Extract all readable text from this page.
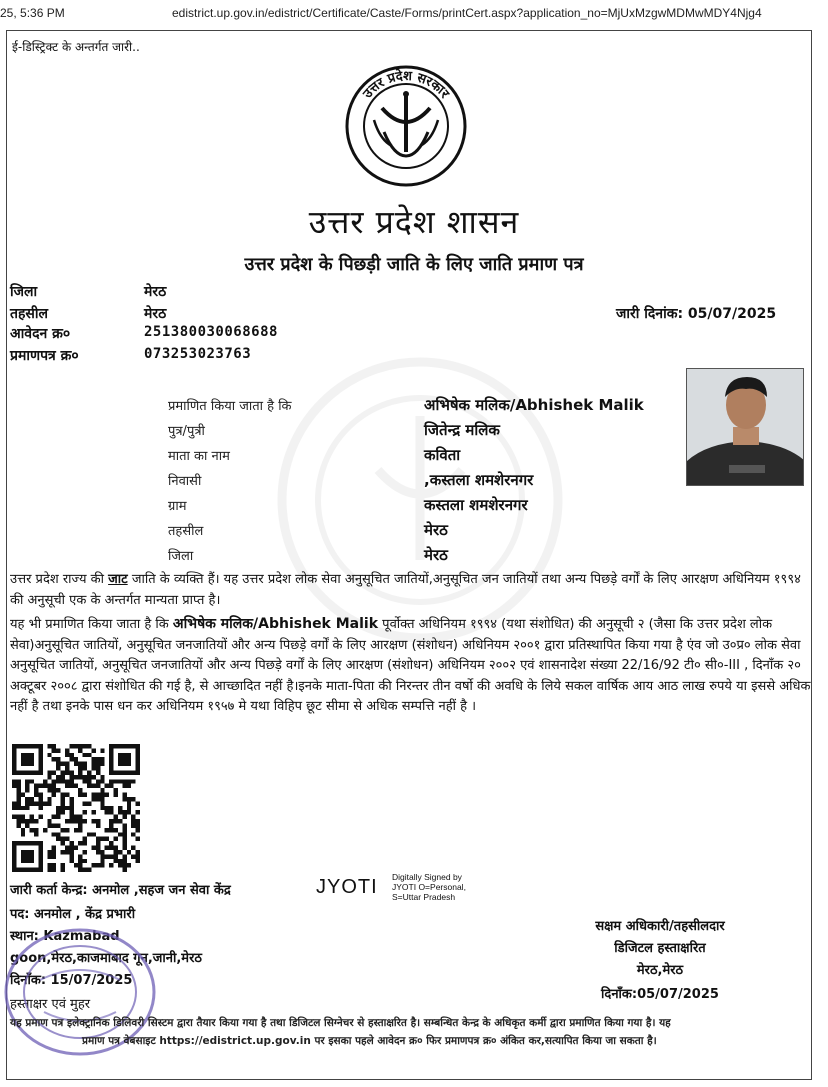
25, 5:36 PM	edistrict.up.gov.in/edistrict/Certificate/Caste/Forms/printCert.aspx?application_no=MjUxMzgwMDMwMDY4Njg4
ई-डिस्ट्रिक्ट के अन्तर्गत जारी..
उत्तर प्रदेश सरकार
उत्तर प्रदेश शासन
उत्तर प्रदेश के पिछड़ी जाति के लिए जाति प्रमाण पत्र
जिला	मेरठ
तहसील	मेरठ
आवेदन क्र०	251380030068688
प्रमाणपत्र क्र०	073253023763
जारी दिनांक: 05/07/2025
प्रमाणित किया जाता है कि	अभिषेक मलिक/Abhishek Malik
पुत्र/पुत्री	जितेन्द्र मलिक
माता का नाम	कविता
निवासी	,कस्तला शमशेरनगर
ग्राम	कस्तला शमशेरनगर
तहसील	मेरठ
जिला	मेरठ
उत्तर प्रदेश राज्य की जाट जाति के व्यक्ति हैं। यह उत्तर प्रदेश लोक सेवा अनुसूचित जातियों,अनुसूचित जन जातियों तथा अन्य पिछड़े वर्गों के लिए आरक्षण अधिनियम १९९४ की अनुसूची एक के अन्तर्गत मान्यता प्राप्त है।
यह भी प्रमाणित किया जाता है कि अभिषेक मलिक/Abhishek Malik पूर्वोक्त अधिनियम १९९४ (यथा संशोधित) की अनुसूची २ (जैसा कि उत्तर प्रदेश लोक सेवा)अनुसूचित जातियों, अनुसूचित जनजातियों और अन्य पिछड़े वर्गों के लिए आरक्षण (संशोधन) अधिनियम २००१ द्वारा प्रतिस्थापित किया गया है एंव जो उ०प्र० लोक सेवा अनुसूचित जातियों, अनुसूचित जनजातियों और अन्य पिछड़े वर्गों के लिए आरक्षण (संशोधन) अधिनियम २००२ एवं शासनादेश संख्या 22/16/92 टी० सी०-III , दिनाँक २० अक्टूबर २००८ द्वारा संशोधित की गई है, से आच्छादित नहीं है।इनके माता-पिता की निरन्तर तीन वर्षो की अवधि के लिये सकल वार्षिक आय आठ लाख रुपये या इससे अधिक नहीं है तथा इनके पास धन कर अधिनियम १९५७ मे यथा विहिप छूट सीमा से अधिक सम्पत्ति नहीं है ।
जारी कर्ता केन्द्र: अनमोल ,सहज जन सेवा केंद्र
पद: अनमोल , केंद्र प्रभारी
स्थान: Kazmabad
goon,मेरठ,काजमाबाद गून,जानी,मेरठ
दिनाँक: 15/07/2025
हस्ताक्षर एवं मुहर
JYOTI Digitally Signed by
JYOTI O=Personal,
S=Uttar Pradesh
सक्षम अधिकारी/तहसीलदार
डिजिटल हस्ताक्षरित
मेरठ,मेरठ
दिनाँक:05/07/2025
यह प्रमाण पत्र इलेक्ट्रानिक डिलिवरी सिस्टम द्वारा तैयार किया गया है तथा डिजिटल सिग्नेचर से हस्ताक्षरित है। सम्बन्धित केन्द्र के अधिकृत कर्मी द्वारा प्रमाणित किया गया है। यह
प्रमाण पत्र वेबसाइट https://edistrict.up.gov.in पर इसका पहले आवेदन क्र० फिर प्रमाणपत्र क्र० अंकित कर,सत्यापित किया जा सकता है।
